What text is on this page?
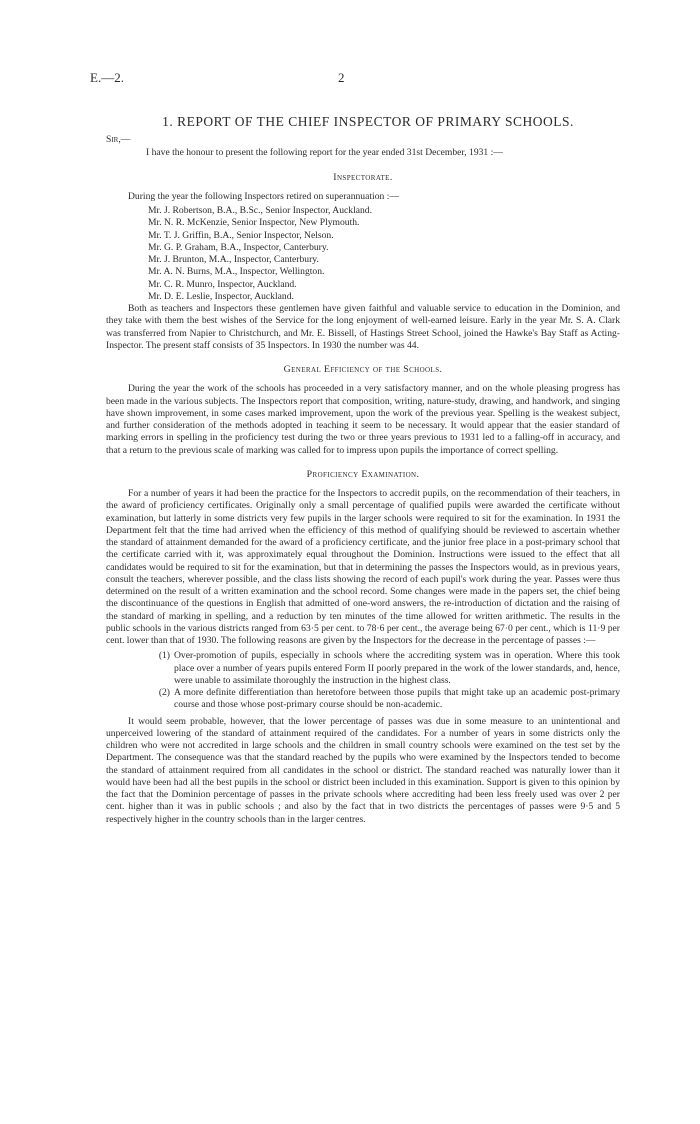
E.—2.	2
1. REPORT OF THE CHIEF INSPECTOR OF PRIMARY SCHOOLS.

Sir,—

I have the honour to present the following report for the year ended 31st December, 1931 :—

Inspectorate.

During the year the following Inspectors retired on superannuation :—

Mr. J. Robertson, B.A., B.Sc., Senior Inspector, Auckland.
Mr. N. R. McKenzie, Senior Inspector, New Plymouth.
Mr. T. J. Griffin, B.A., Senior Inspector, Nelson.
Mr. G. P. Graham, B.A., Inspector, Canterbury.
Mr. J. Brunton, M.A., Inspector, Canterbury.
Mr. A. N. Burns, M.A., Inspector, Wellington.
Mr. C. R. Munro, Inspector, Auckland.
Mr. D. E. Leslie, Inspector, Auckland.

Both as teachers and Inspectors these gentlemen have given faithful and valuable service to education in the Dominion, and they take with them the best wishes of the Service for the long enjoyment of well-earned leisure. Early in the year Mr. S. A. Clark was transferred from Napier to Christchurch, and Mr. E. Bissell, of Hastings Street School, joined the Hawke's Bay Staff as Acting-Inspector. The present staff consists of 35 Inspectors. In 1930 the number was 44.

General Efficiency of the Schools.

During the year the work of the schools has proceeded in a very satisfactory manner, and on the whole pleasing progress has been made in the various subjects. The Inspectors report that composition, writing, nature-study, drawing, and handwork, and singing have shown improvement, in some cases marked improvement, upon the work of the previous year. Spelling is the weakest subject, and further consideration of the methods adopted in teaching it seem to be necessary. It would appear that the easier standard of marking errors in spelling in the proficiency test during the two or three years previous to 1931 led to a falling-off in accuracy, and that a return to the previous scale of marking was called for to impress upon pupils the importance of correct spelling.

Proficiency Examination.

For a number of years it had been the practice for the Inspectors to accredit pupils, on the recommendation of their teachers, in the award of proficiency certificates. Originally only a small percentage of qualified pupils were awarded the certificate without examination, but latterly in some districts very few pupils in the larger schools were required to sit for the examination. In 1931 the Department felt that the time had arrived when the efficiency of this method of qualifying should be reviewed to ascertain whether the standard of attainment demanded for the award of a proficiency certificate, and the junior free place in a post-primary school that the certificate carried with it, was approximately equal throughout the Dominion. Instructions were issued to the effect that all candidates would be required to sit for the examination, but that in determining the passes the Inspectors would, as in previous years, consult the teachers, wherever possible, and the class lists showing the record of each pupil's work during the year. Passes were thus determined on the result of a written examination and the school record. Some changes were made in the papers set, the chief being the discontinuance of the questions in English that admitted of one-word answers, the re-introduction of dictation and the raising of the standard of marking in spelling, and a reduction by ten minutes of the time allowed for written arithmetic. The results in the public schools in the various districts ranged from 63·5 per cent. to 78·6 per cent., the average being 67·0 per cent., which is 11·9 per cent. lower than that of 1930. The following reasons are given by the Inspectors for the decrease in the percentage of passes :—

(1) Over-promotion of pupils, especially in schools where the accrediting system was in operation. Where this took place over a number of years pupils entered Form II poorly prepared in the work of the lower standards, and, hence, were unable to assimilate thoroughly the instruction in the highest class.
(2) A more definite differentiation than heretofore between those pupils that might take up an academic post-primary course and those whose post-primary course should be non-academic.

It would seem probable, however, that the lower percentage of passes was due in some measure to an unintentional and unperceived lowering of the standard of attainment required of the candidates. For a number of years in some districts only the children who were not accredited in large schools and the children in small country schools were examined on the test set by the Department. The consequence was that the standard reached by the pupils who were examined by the Inspectors tended to become the standard of attainment required from all candidates in the school or district. The standard reached was naturally lower than it would have been had all the best pupils in the school or district been included in this examination. Support is given to this opinion by the fact that the Dominion percentage of passes in the private schools where accrediting had been less freely used was over 2 per cent. higher than it was in public schools ; and also by the fact that in two districts the percentages of passes were 9·5 and 5 respectively higher in the country schools than in the larger centres.
